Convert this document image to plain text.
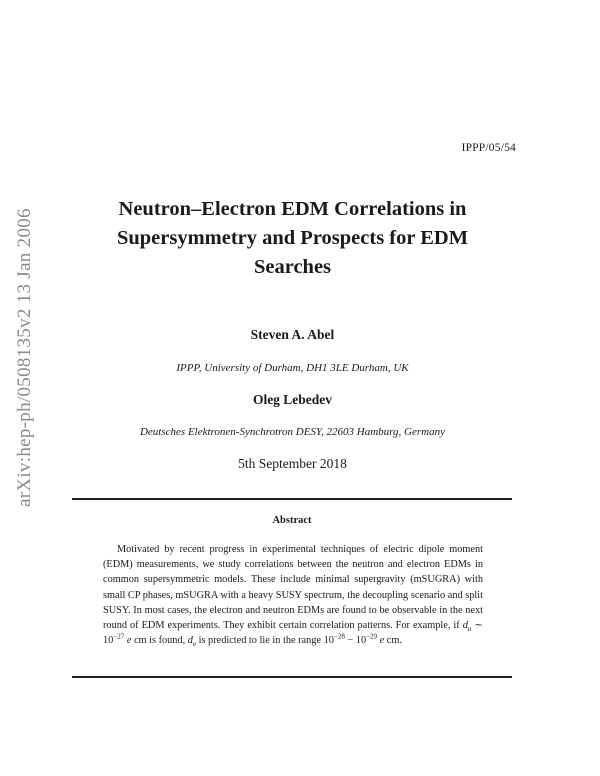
IPPP/05/54
arXiv:hep-ph/0508135v2 13 Jan 2006	Neutron–Electron EDM Correlations in
Supersymmetry and Prospects for EDM
Searches
Steven A. Abel
IPPP, University of Durham, DH1 3LE Durham, UK
Oleg Lebedev
Deutsches Elektronen-Synchrotron DESY, 22603 Hamburg, Germany
5th September 2018
Abstract
Motivated by recent progress in experimental techniques of electric dipole moment (EDM) measurements, we study correlations between the neutron and electron EDMs in common supersymmetric models. These include minimal supergravity (mSUGRA) with small CP phases, mSUGRA with a heavy SUSY spectrum, the decoupling scenario and split SUSY. In most cases, the electron and neutron EDMs are found to be observable in the next round of EDM experiments. They exhibit certain correlation patterns. For example, if $d_n$ ∼ $10^{-27}$ e cm is found, $d_e$ is predicted to lie in the range $10^{-28} - 10^{-29}$ e cm.
